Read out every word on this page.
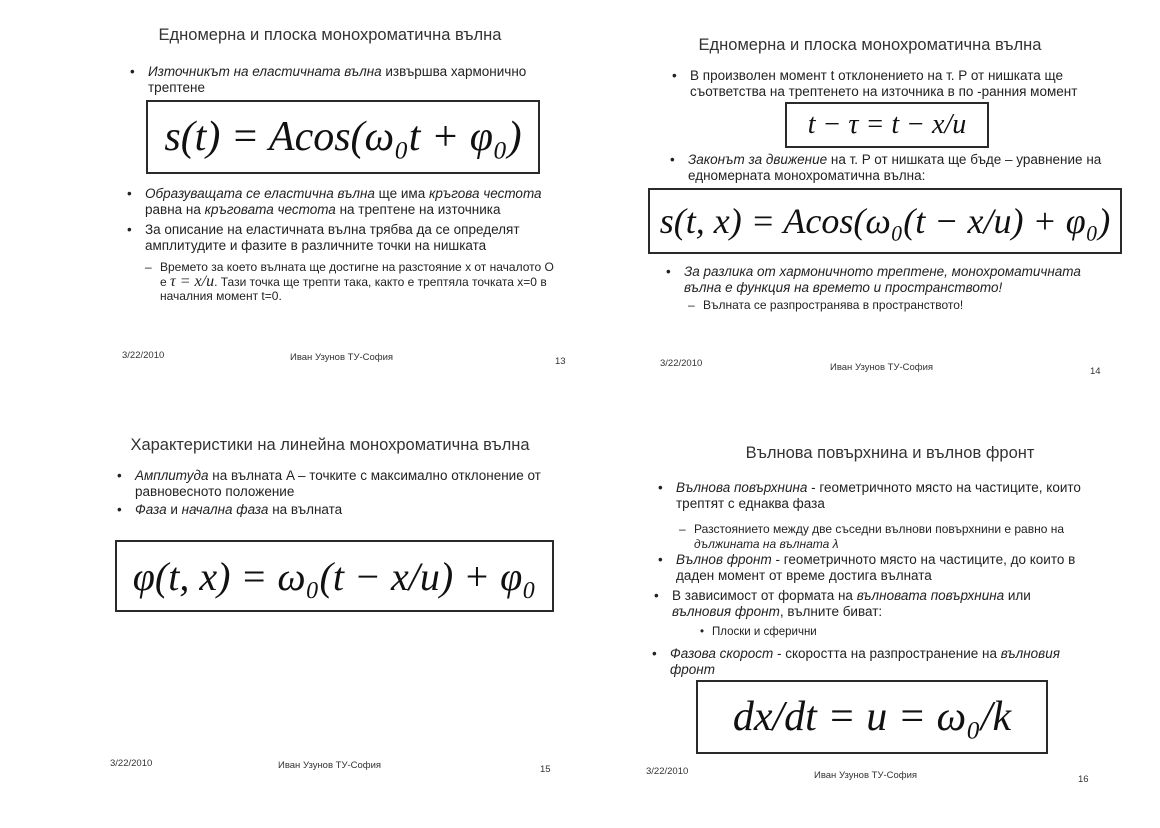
Едномерна и плоска монохроматична вълна
• Източникът на еластичната вълна извършва хармонично трептене
s(t) = Acos(ω₀t + φ₀)
• Образуващата се еластична вълна ще има кръгова честота равна на кръговата честота на трептене на източника
• За описание на еластичната вълна трябва да се определят амплитудите и фазите в различните точки на нишката
– Времето за което вълната ще достигне на разстояние x от началото O е τ = x/u. Тази точка ще трепти така, както е трептяла точката x=0 в началния момент t=0.
3/22/2010	Иван Узунов ТУ-София	13
Едномерна и плоска монохроматична вълна
• В произволен момент t отклонението на т. P от нишката ще съответства на трептенето на източника в по -ранния момент
t − τ = t − x/u
• Законът за движение на т. P от нишката ще бъде – уравнение на едномерната монохроматична вълна:
s(t, x) = Acos(ω₀(t − x/u) + φ₀)
• За разлика от хармоничното трептене, монохроматичната вълна е функция на времето и пространството!
– Вълната се разпространява в пространството!
3/22/2010	Иван Узунов ТУ-София	14
Характеристики на линейна монохроматична вълна
• Амплитуда на вълната A – точките с максимално отклонение от равновесното положение
• Фаза и начална фаза на вълната
φ(t, x) = ω₀(t − x/u) + φ₀
3/22/2010	Иван Узунов ТУ-София	15
Вълнова повърхнина и вълнов фронт
• Вълнова повърхнина - геометричното място на частиците, които трептят с еднаква фаза
– Разстоянието между две съседни вълнови повърхнини е равно на дължината на вълната λ
• Вълнов фронт - геометричното място на частиците, до които в даден момент от време достига вълната
• В зависимост от формата на вълновата повърхнина или вълновия фронт, вълните биват:
• Плоски и сферични
• Фазова скорост - скоростта на разпространение на вълновия фронт
dx/dt = u = ω₀/k
3/22/2010	Иван Узунов ТУ-София	16
